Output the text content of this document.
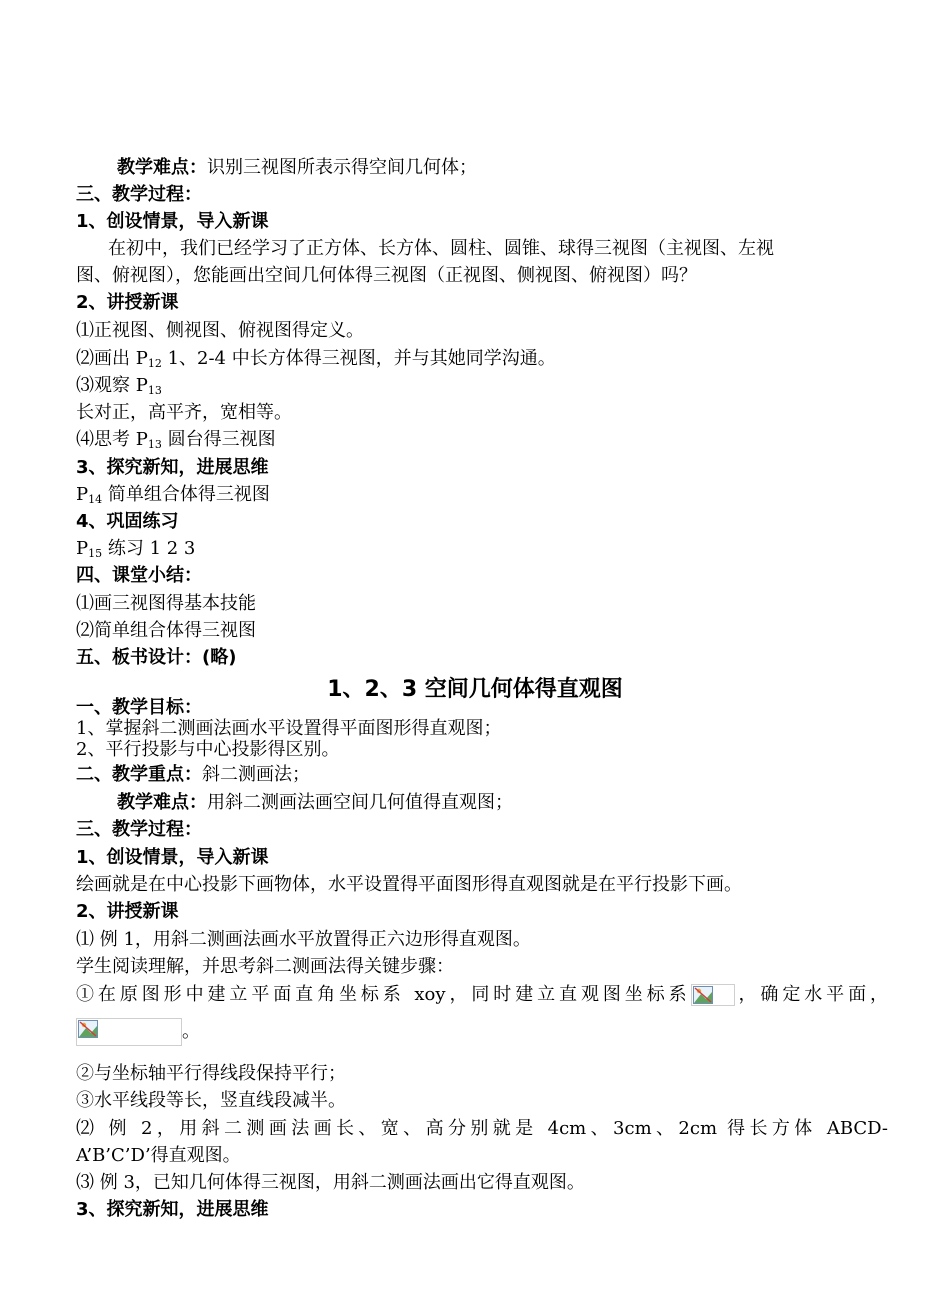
教学难点：识别三视图所表示得空间几何体；
三、教学过程：
1、创设情景，导入新课
在初中，我们已经学习了正方体、长方体、圆柱、圆锥、球得三视图（主视图、左视
图、俯视图），您能画出空间几何体得三视图（正视图、侧视图、俯视图）吗？
2、讲授新课
⑴正视图、侧视图、俯视图得定义。
⑵画出 P12 1、2-4 中长方体得三视图，并与其她同学沟通。
⑶观察 P13
长对正，高平齐，宽相等。
⑷思考 P13 圆台得三视图
3、探究新知，进展思维
P14 简单组合体得三视图
4、巩固练习
P15 练习 1 2 3
四、课堂小结：
⑴画三视图得基本技能
⑵简单组合体得三视图
五、板书设计：(略)
1、2、3 空间几何体得直观图
一、教学目标：
1、掌握斜二测画法画水平设置得平面图形得直观图；
2、平行投影与中心投影得区别。
二、教学重点：斜二测画法；
教学难点：用斜二测画法画空间几何值得直观图；
三、教学过程：
1、创设情景，导入新课
绘画就是在中心投影下画物体，水平设置得平面图形得直观图就是在平行投影下画。
2、讲授新课
⑴ 例 1，用斜二测画法画水平放置得正六边形得直观图。
学生阅读理解，并思考斜二测画法得关键步骤：
①在原图形中建立平面直角坐标系 xoy，同时建立直观图坐标系 ，确定水平面，
。
②与坐标轴平行得线段保持平行；
③水平线段等长，竖直线段减半。
⑵ 例 2，用斜二测画法画长、宽、高分别就是 4cm、3cm、2cm 得长方体 ABCD-
A’B’C’D’得直观图。
⑶ 例 3，已知几何体得三视图，用斜二测画法画出它得直观图。
3、探究新知，进展思维
